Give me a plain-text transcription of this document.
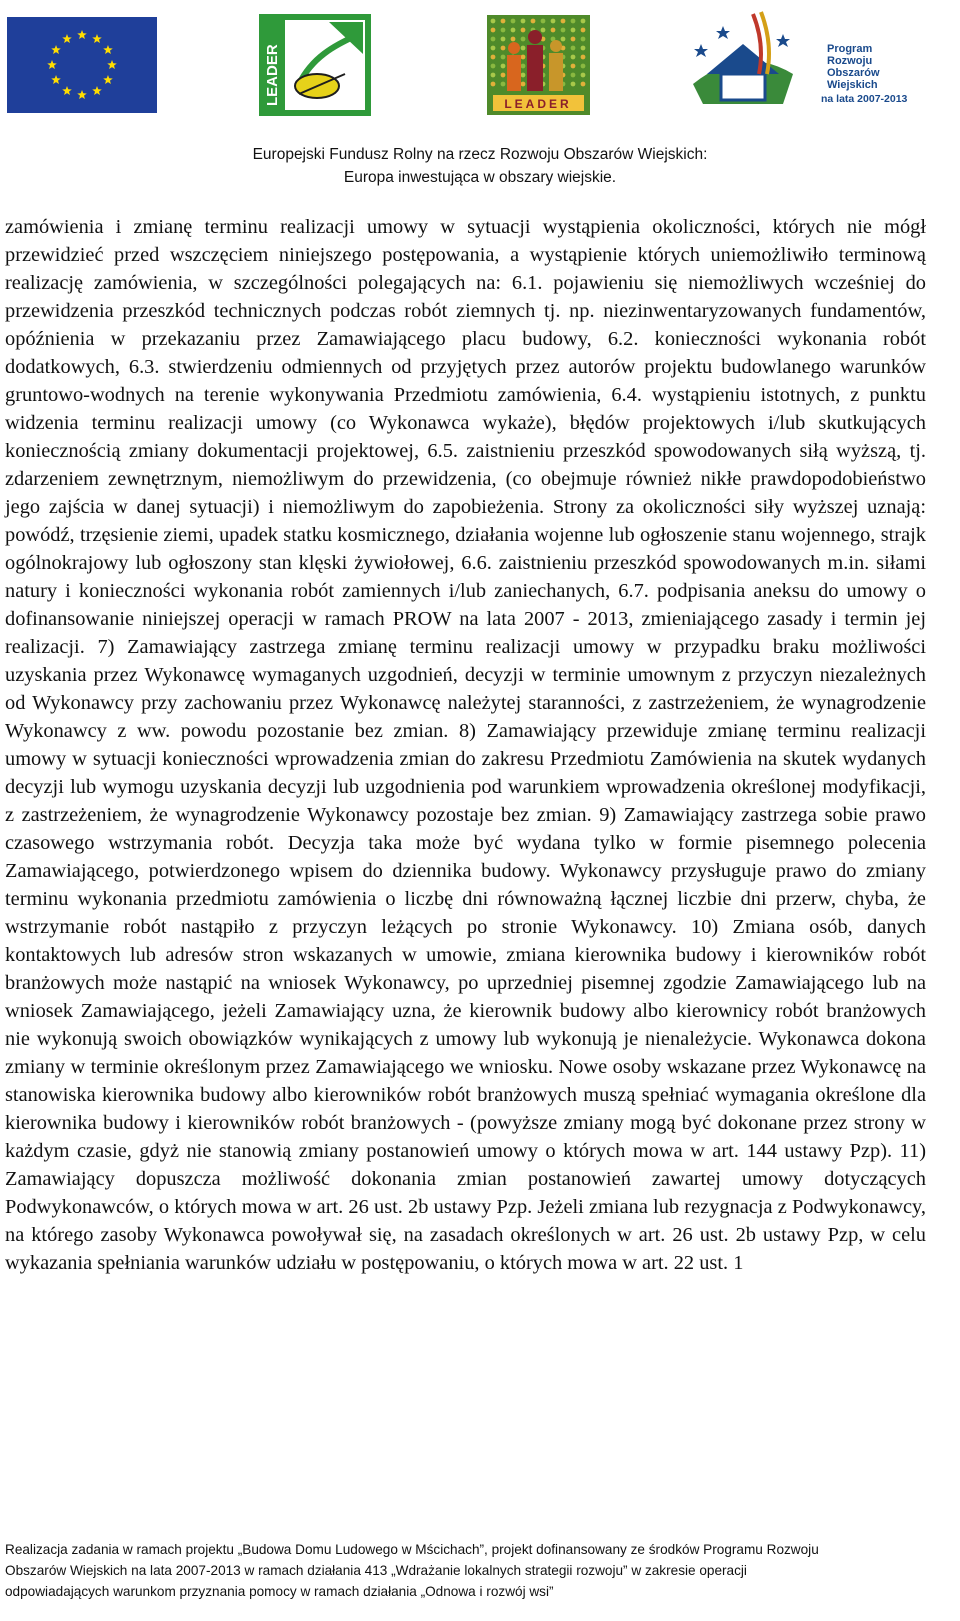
LEADER	LEADER
Program Rozwoju Obszarów Wiejskich na lata 2007-2013
Europejski Fundusz Rolny na rzecz Rozwoju Obszarów Wiejskich:
Europa inwestująca w obszary wiejskie.

zamówienia i zmianę terminu realizacji umowy w sytuacji wystąpienia okoliczności, których nie mógł przewidzieć przed wszczęciem niniejszego postępowania, a wystąpienie których uniemożliwiło terminową realizację zamówienia, w szczególności polegających na: 6.1. pojawieniu się niemożliwych wcześniej do przewidzenia przeszkód technicznych podczas robót ziemnych tj. np. niezinwentaryzowanych fundamentów, opóźnienia w przekazaniu przez Zamawiającego placu budowy, 6.2. konieczności wykonania robót dodatkowych, 6.3. stwierdzeniu odmiennych od przyjętych przez autorów projektu budowlanego warunków gruntowo-wodnych na terenie wykonywania Przedmiotu zamówienia, 6.4. wystąpieniu istotnych, z punktu widzenia terminu realizacji umowy (co Wykonawca wykaże), błędów projektowych i/lub skutkujących koniecznością zmiany dokumentacji projektowej, 6.5. zaistnieniu przeszkód spowodowanych siłą wyższą, tj. zdarzeniem zewnętrznym, niemożliwym do przewidzenia, (co obejmuje również nikłe prawdopodobieństwo jego zajścia w danej sytuacji) i niemożliwym do zapobieżenia. Strony za okoliczności siły wyższej uznają: powódź, trzęsienie ziemi, upadek statku kosmicznego, działania wojenne lub ogłoszenie stanu wojennego, strajk ogólnokrajowy lub ogłoszony stan klęski żywiołowej, 6.6. zaistnieniu przeszkód spowodowanych m.in. siłami natury i konieczności wykonania robót zamiennych i/lub zaniechanych, 6.7. podpisania aneksu do umowy o dofinansowanie niniejszej operacji w ramach PROW na lata 2007 - 2013, zmieniającego zasady i termin jej realizacji. 7) Zamawiający zastrzega zmianę terminu realizacji umowy w przypadku braku możliwości uzyskania przez Wykonawcę wymaganych uzgodnień, decyzji w terminie umownym z przyczyn niezależnych od Wykonawcy przy zachowaniu przez Wykonawcę należytej staranności, z zastrzeżeniem, że wynagrodzenie Wykonawcy z ww. powodu pozostanie bez zmian. 8) Zamawiający przewiduje zmianę terminu realizacji umowy w sytuacji konieczności wprowadzenia zmian do zakresu Przedmiotu Zamówienia na skutek wydanych decyzji lub wymogu uzyskania decyzji lub uzgodnienia pod warunkiem wprowadzenia określonej modyfikacji, z zastrzeżeniem, że wynagrodzenie Wykonawcy pozostaje bez zmian. 9) Zamawiający zastrzega sobie prawo czasowego wstrzymania robót. Decyzja taka może być wydana tylko w formie pisemnego polecenia Zamawiającego, potwierdzonego wpisem do dziennika budowy. Wykonawcy przysługuje prawo do zmiany terminu wykonania przedmiotu zamówienia o liczbę dni równoważną łącznej liczbie dni przerw, chyba, że wstrzymanie robót nastąpiło z przyczyn leżących po stronie Wykonawcy. 10) Zmiana osób, danych kontaktowych lub adresów stron wskazanych w umowie, zmiana kierownika budowy i kierowników robót branżowych może nastąpić na wniosek Wykonawcy, po uprzedniej pisemnej zgodzie Zamawiającego lub na wniosek Zamawiającego, jeżeli Zamawiający uzna, że kierownik budowy albo kierownicy robót branżowych nie wykonują swoich obowiązków wynikających z umowy lub wykonują je nienależycie. Wykonawca dokona zmiany w terminie określonym przez Zamawiającego we wniosku. Nowe osoby wskazane przez Wykonawcę na stanowiska kierownika budowy albo kierowników robót branżowych muszą spełniać wymagania określone dla kierownika budowy i kierowników robót branżowych - (powyższe zmiany mogą być dokonane przez strony w każdym czasie, gdyż nie stanowią zmiany postanowień umowy o których mowa w art. 144 ustawy Pzp). 11) Zamawiający dopuszcza możliwość dokonania zmian postanowień zawartej umowy dotyczących Podwykonawców, o których mowa w art. 26 ust. 2b ustawy Pzp. Jeżeli zmiana lub rezygnacja z Podwykonawcy, na którego zasoby Wykonawca powoływał się, na zasadach określonych w art. 26 ust. 2b ustawy Pzp, w celu wykazania spełniania warunków udziału w postępowaniu, o których mowa w art. 22 ust. 1

Realizacja zadania w ramach projektu „Budowa Domu Ludowego w Mścichach”, projekt dofinansowany ze środków Programu Rozwoju
Obszarów Wiejskich na lata 2007-2013 w ramach działania 413 „Wdrażanie lokalnych strategii rozwoju” w zakresie operacji
odpowiadających warunkom przyznania pomocy w ramach działania „Odnowa i rozwój wsi”
